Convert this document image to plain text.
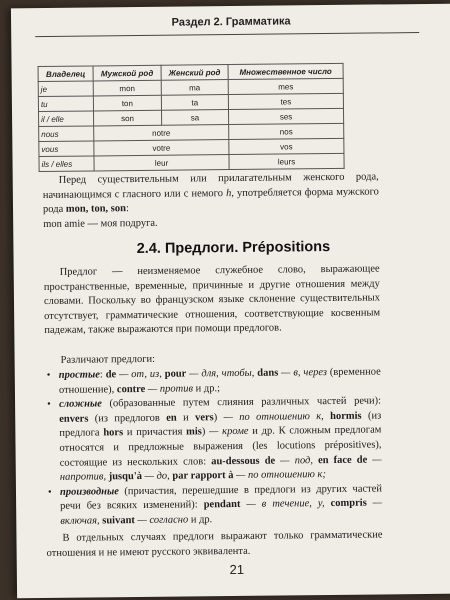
Раздел 2. Грамматика
Владелец	Мужской род	Женский род	Множественное число
je	mon	ma	mes
tu	ton	ta	tes
il / elle	son	sa	ses
nous	notre		nos
vous	votre		vos
ils / elles	leur		leurs
Перед существительным или прилагательным женского рода, начинающимся с гласного или с немого h, употребляется форма мужского рода mon, ton, son:
mon amie — моя подруга.
2.4. Предлоги. Prépositions
Предлог — неизменяемое служебное слово, выражающее пространственные, временные, причинные и другие отношения между словами. Поскольку во французском языке склонение существительных отсутствует, грамматические отношения, соответствующие косвенным падежам, также выражаются при помощи предлогов.
Различают предлоги:
• простые: de — от, из, pour — для, чтобы, dans — в, через (временное отношение), contre — против и др.;
• сложные (образованные путем слияния различных частей речи): envers (из предлогов en и vers) — по отношению к, hormis (из предлога hors и причастия mis) — кроме и др. К сложным предлогам относятся и предложные выражения (les locutions prépositives), состоящие из нескольких слов: au-dessous de — под, en face de — напротив, jusqu'à — до, par rapport à — по отношению к;
• производные (причастия, перешедшие в предлоги из других частей речи без всяких изменений): pendant — в течение, у, compris — включая, suivant — согласно и др.
В отдельных случаях предлоги выражают только грамматические отношения и не имеют русского эквивалента.
21
